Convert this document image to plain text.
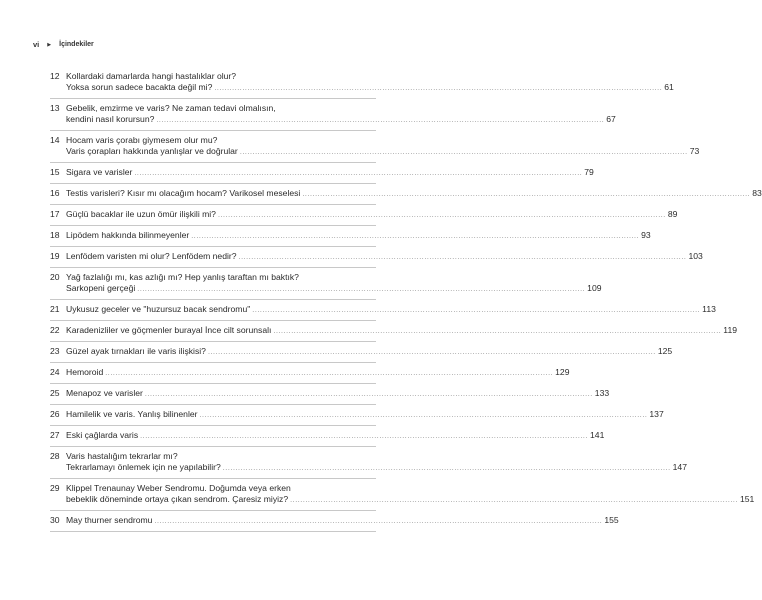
vi ▶ İçindekiler
12 Kollardaki damarlarda hangi hastalıklar olur?
Yoksa sorun sadece bacakta değil mi? .....	61
13 Gebelik, emzirme ve varis? Ne zaman tedavi olmalısın,
kendini nasıl korursun? .....	67
14 Hocam varis çorabı giymesem olur mu?
Varis çorapları hakkında yanlışlar ve doğrular .....	73
15 Sigara ve varisler .....	79
16 Testis varisleri? Kısır mı olacağım hocam? Varikosel meselesi .....	83
17 Güçlü bacaklar ile uzun ömür ilişkili mi? .....	89
18 Lipödem hakkında bilinmeyenler .....	93
19 Lenfödem varisten mi olur? Lenfödem nedir? .....	103
20 Yağ fazlalığı mı, kas azlığı mı? Hep yanlış taraftan mı baktık?
Sarkopeni gerçeği .....	109
21 Uykusuz geceler ve "huzursuz bacak sendromu" .....	113
22 Karadenizliler ve göçmenler burayal İnce cilt sorunsalı .....	119
23 Güzel ayak tırnakları ile varis ilişkisi? .....	125
24 Hemoroid .....	129
25 Menapoz ve varisler .....	133
26 Hamilelik ve varis. Yanlış bilinenler .....	137
27 Eski çağlarda varis .....	141
28 Varis hastalığım tekrarlar mı?
Tekrarlamayı önlemek için ne yapılabilir? .....	147
29 Klippel Trenaunay Weber Sendromu. Doğumda veya erken
bebeklik döneminde ortaya çıkan sendrom. Çaresiz miyiz? .....	151
30 May thurner sendromu .....	155
